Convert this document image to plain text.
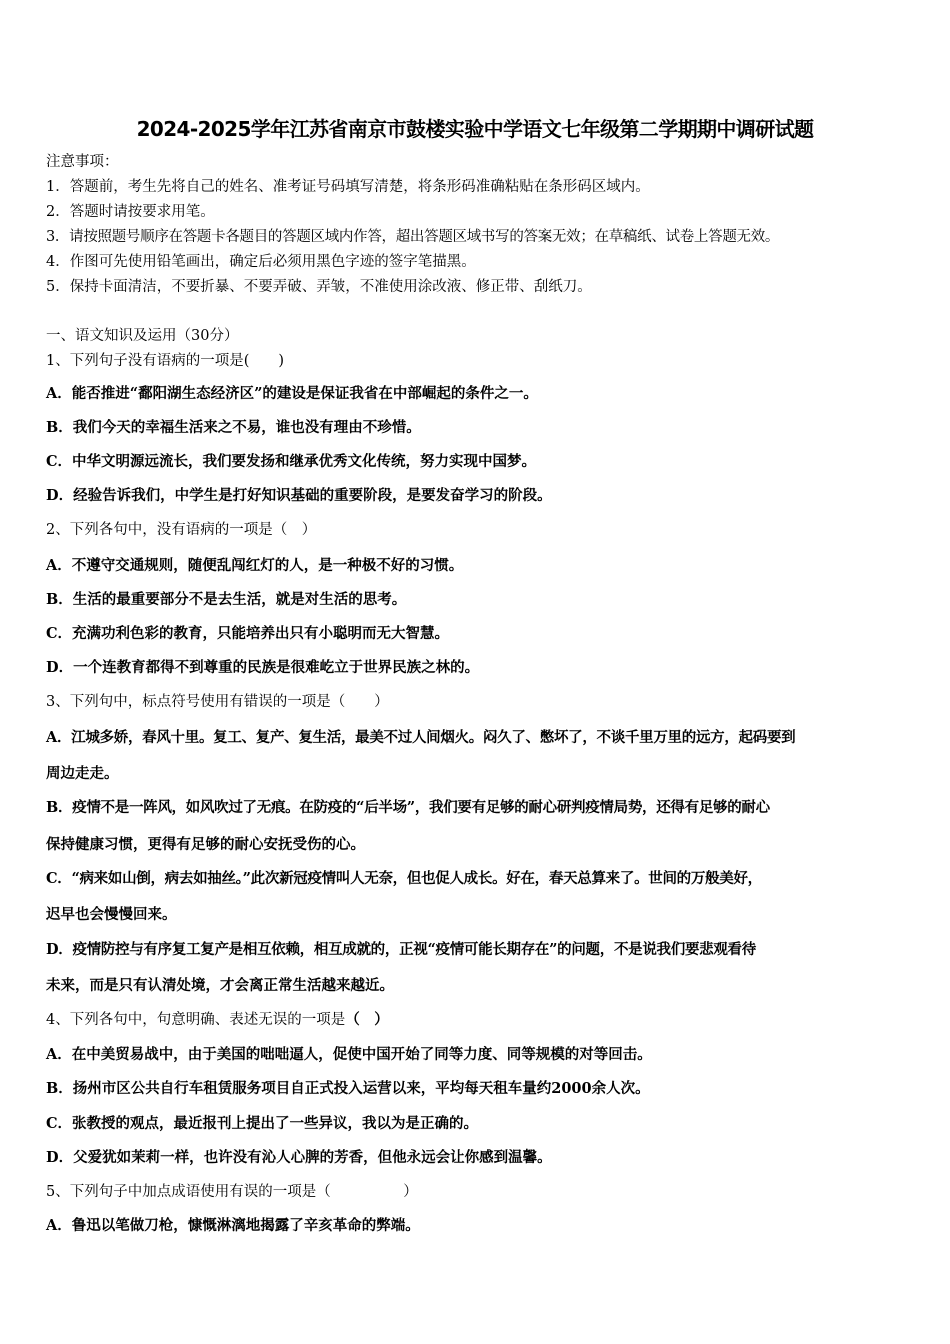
2024-2025学年江苏省南京市鼓楼实验中学语文七年级第二学期期中调研试题
注意事项：
1．答题前，考生先将自己的姓名、准考证号码填写清楚，将条形码准确粘贴在条形码区域内。
2．答题时请按要求用笔。
3．请按照题号顺序在答题卡各题目的答题区域内作答，超出答题区域书写的答案无效；在草稿纸、试卷上答题无效。
4．作图可先使用铅笔画出，确定后必须用黑色字迹的签字笔描黑。
5．保持卡面清洁，不要折暴、不要弄破、弄皱，不准使用涂改液、修正带、刮纸刀。
一、语文知识及运用（30分）
1、下列句子没有语病的一项是(　　)
A．能否推进“鄱阳湖生态经济区”的建设是保证我省在中部崛起的条件之一。
B．我们今天的幸福生活来之不易，谁也没有理由不珍惜。
C．中华文明源远流长，我们要发扬和继承优秀文化传统，努力实现中国梦。
D．经验告诉我们，中学生是打好知识基础的重要阶段，是要发奋学习的阶段。
2、下列各句中，没有语病的一项是（　）
A．不遵守交通规则，随便乱闯红灯的人，是一种极不好的习惯。
B．生活的最重要部分不是去生活，就是对生活的思考。
C．充满功利色彩的教育，只能培养出只有小聪明而无大智慧。
D．一个连教育都得不到尊重的民族是很难屹立于世界民族之林的。
3、下列句中，标点符号使用有错误的一项是（　　）
A．江城多娇，春风十里。复工、复产、复生活，最美不过人间烟火。闷久了、憋坏了，不谈千里万里的远方，起码要到
周边走走。
B．疫情不是一阵风，如风吹过了无痕。在防疫的“后半场”，我们要有足够的耐心研判疫情局势，还得有足够的耐心
保持健康习惯，更得有足够的耐心安抚受伤的心。
C．“病来如山倒，病去如抽丝。”此次新冠疫情叫人无奈，但也促人成长。好在，春天总算来了。世间的万般美好，
迟早也会慢慢回来。
D．疫情防控与有序复工复产是相互依赖，相互成就的，正视“疫情可能长期存在”的问题，不是说我们要悲观看待
未来，而是只有认清处境，才会离正常生活越来越近。
4、下列各句中，句意明确、表述无误的一项是（　）
A．在中美贸易战中，由于美国的咄咄逼人，促使中国开始了同等力度、同等规模的对等回击。
B．扬州市区公共自行车租赁服务项目自正式投入运营以来，平均每天租车量约2000余人次。
C．张教授的观点，最近报刊上提出了一些异议，我以为是正确的。
D．父爱犹如茉莉一样，也许没有沁人心脾的芳香，但他永远会让你感到温馨。
5、下列句子中加点成语使用有误的一项是（　　　　　）
A．鲁迅以笔做刀枪，慷慨淋漓地揭露了辛亥革命的弊端。
